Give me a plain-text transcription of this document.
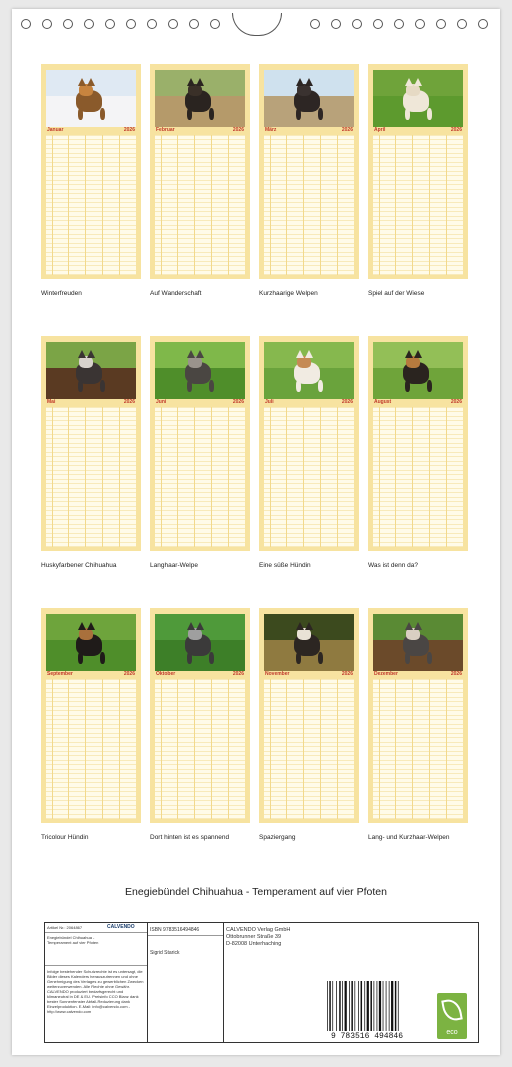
Januar	2026
Winterfreuden
Februar	2026
Auf Wanderschaft
März	2026
Kurzhaarige Welpen
April	2026
Spiel auf der Wiese
Mai	2026
Huskyfarbener Chihuahua
Juni	2026
Langhaar-Welpe
Juli	2026
Eine süße Hündin
August	2026
Was ist denn da?
September	2026
Tricolour Hündin
Oktober	2026
Dort hinten ist es spannend
November	2026
Spaziergang
Dezember	2026
Lang- und Kurzhaar-Welpen
Enegiebündel Chihuahua - Temperament auf vier Pfoten
Artikel Nr.: 2064867	CALVENDO
Enegiebündel Chihuahua - Temperament auf vier Pfoten
Infolge bestehender Schutzrechte ist es untersagt, die Bilder dieses Kalenders herauszutrennen und ohne Genehmigung des Verlages zu gewerblichen Zwecken weiterzuverwenden. Alle Rechte ohne Gewähr. CALVENDO produziert bedarfsgerecht und klimaneutral in DE & EU. Preisinfo CCO Blanz dank bester Sonnenfenster Abfall-Reduzierung dank Einzelproduktion. E-Mail: info@calvendo.com - http://www.calvendo.com
ISBN 9783516494846
Sigrid Starick
CALVENDO Verlag GmbH
Ottobrunner Straße 39
D-82008 Unterhaching
9 783516 494846	eco
